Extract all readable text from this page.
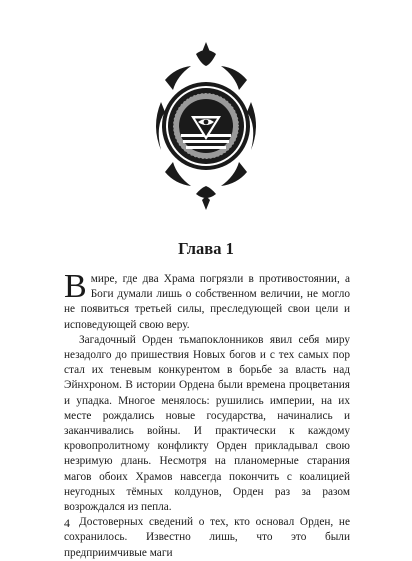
Глава 1

В мире, где два Храма погрязли в противостоянии, а Боги думали лишь о собственном величии, не могло не появиться третьей силы, преследующей свои цели и исповедующей свою веру.

Загадочный Орден тьмапоклонников явил себя миру незадолго до пришествия Новых богов и с тех самых пор стал их теневым конкурентом в борьбе за власть над Эйнхроном. В истории Ордена были времена процветания и упадка. Многое менялось: рушились империи, на их месте рождались новые государства, начинались и заканчивались войны. И практически к каждому кровопролитному конфликту Орден прикладывал свою незримую длань. Несмотря на планомерные старания магов обоих Храмов навсегда покончить с коалицией неугодных тёмных колдунов, Орден раз за разом возрождался из пепла.

Достоверных сведений о тех, кто основал Орден, не сохранилось. Известно лишь, что это были предприимчивые маги

4
